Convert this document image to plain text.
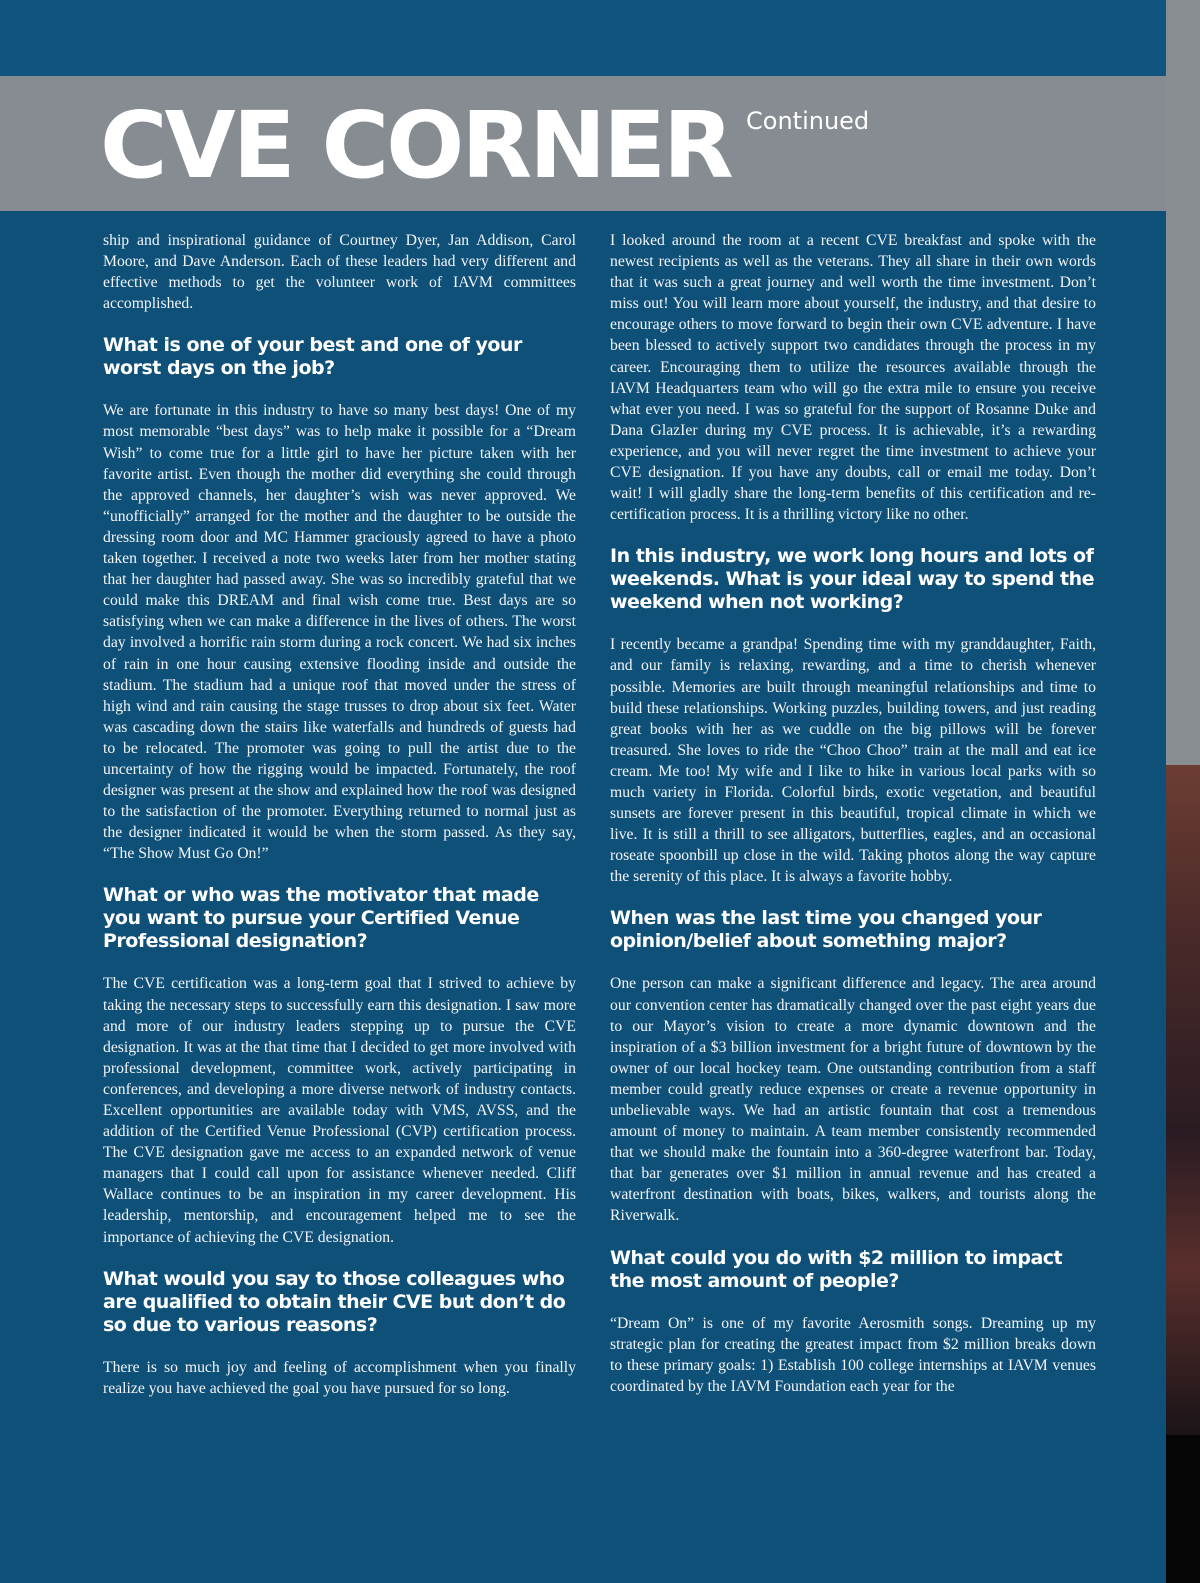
CVE CORNER Continued

ship and inspirational guidance of Courtney Dyer, Jan Addison, Carol Moore, and Dave Anderson. Each of these leaders had very different and effective methods to get the volunteer work of IAVM committees accomplished.

What is one of your best and one of your worst days on the job?

We are fortunate in this industry to have so many best days! One of my most memorable “best days” was to help make it possible for a “Dream Wish” to come true for a little girl to have her picture taken with her favorite artist. Even though the mother did everything she could through the approved channels, her daughter’s wish was never approved. We “unofficially” arranged for the mother and the daughter to be outside the dressing room door and MC Hammer graciously agreed to have a photo taken together. I received a note two weeks later from her mother stating that her daughter had passed away. She was so incredibly grateful that we could make this DREAM and final wish come true. Best days are so satisfying when we can make a difference in the lives of others. The worst day involved a horrific rain storm during a rock concert. We had six inches of rain in one hour causing extensive flooding inside and outside the stadium. The stadium had a unique roof that moved under the stress of high wind and rain causing the stage trusses to drop about six feet. Water was cascading down the stairs like waterfalls and hundreds of guests had to be relocated. The promoter was going to pull the artist due to the uncertainty of how the rigging would be impacted. Fortunately, the roof designer was present at the show and explained how the roof was designed to the satisfaction of the promoter. Everything returned to normal just as the designer indicated it would be when the storm passed. As they say, “The Show Must Go On!”

What or who was the motivator that made you want to pursue your Certified Venue Professional designation?

The CVE certification was a long-term goal that I strived to achieve by taking the necessary steps to successfully earn this designation. I saw more and more of our industry leaders stepping up to pursue the CVE designation. It was at the that time that I decided to get more involved with professional development, committee work, actively participating in conferences, and developing a more diverse network of industry contacts. Excellent opportunities are available today with VMS, AVSS, and the addition of the Certified Venue Professional (CVP) certification process. The CVE designation gave me access to an expanded network of venue managers that I could call upon for assistance whenever needed. Cliff Wallace continues to be an inspiration in my career development. His leadership, mentorship, and encouragement helped me to see the importance of achieving the CVE designation.

What would you say to those colleagues who are qualified to obtain their CVE but don’t do so due to various reasons?

There is so much joy and feeling of accomplishment when you finally realize you have achieved the goal you have pursued for so long.

I looked around the room at a recent CVE breakfast and spoke with the newest recipients as well as the veterans. They all share in their own words that it was such a great journey and well worth the time investment. Don’t miss out! You will learn more about yourself, the industry, and that desire to encourage others to move forward to begin their own CVE adventure. I have been blessed to actively support two candidates through the process in my career. Encouraging them to utilize the resources available through the IAVM Headquarters team who will go the extra mile to ensure you receive what ever you need. I was so grateful for the support of Rosanne Duke and Dana GlazIer during my CVE process. It is achievable, it’s a rewarding experience, and you will never regret the time investment to achieve your CVE designation. If you have any doubts, call or email me today. Don’t wait! I will gladly share the long-term benefits of this certification and re-certification process. It is a thrilling victory like no other.

In this industry, we work long hours and lots of weekends. What is your ideal way to spend the weekend when not working?

I recently became a grandpa! Spending time with my granddaughter, Faith, and our family is relaxing, rewarding, and a time to cherish whenever possible. Memories are built through meaningful relationships and time to build these relationships. Working puzzles, building towers, and just reading great books with her as we cuddle on the big pillows will be forever treasured. She loves to ride the “Choo Choo” train at the mall and eat ice cream. Me too! My wife and I like to hike in various local parks with so much variety in Florida. Colorful birds, exotic vegetation, and beautiful sunsets are forever present in this beautiful, tropical climate in which we live. It is still a thrill to see alligators, butterflies, eagles, and an occasional roseate spoonbill up close in the wild. Taking photos along the way capture the serenity of this place. It is always a favorite hobby.

When was the last time you changed your opinion/belief about something major?

One person can make a significant difference and legacy. The area around our convention center has dramatically changed over the past eight years due to our Mayor’s vision to create a more dynamic downtown and the inspiration of a $3 billion investment for a bright future of downtown by the owner of our local hockey team. One outstanding contribution from a staff member could greatly reduce expenses or create a revenue opportunity in unbelievable ways. We had an artistic fountain that cost a tremendous amount of money to maintain. A team member consistently recommended that we should make the fountain into a 360-degree waterfront bar. Today, that bar generates over $1 million in annual revenue and has created a waterfront destination with boats, bikes, walkers, and tourists along the Riverwalk.

What could you do with $2 million to impact the most amount of people?

“Dream On” is one of my favorite Aerosmith songs. Dreaming up my strategic plan for creating the greatest impact from $2 million breaks down to these primary goals: 1) Establish 100 college internships at IAVM venues coordinated by the IAVM Foundation each year for the
